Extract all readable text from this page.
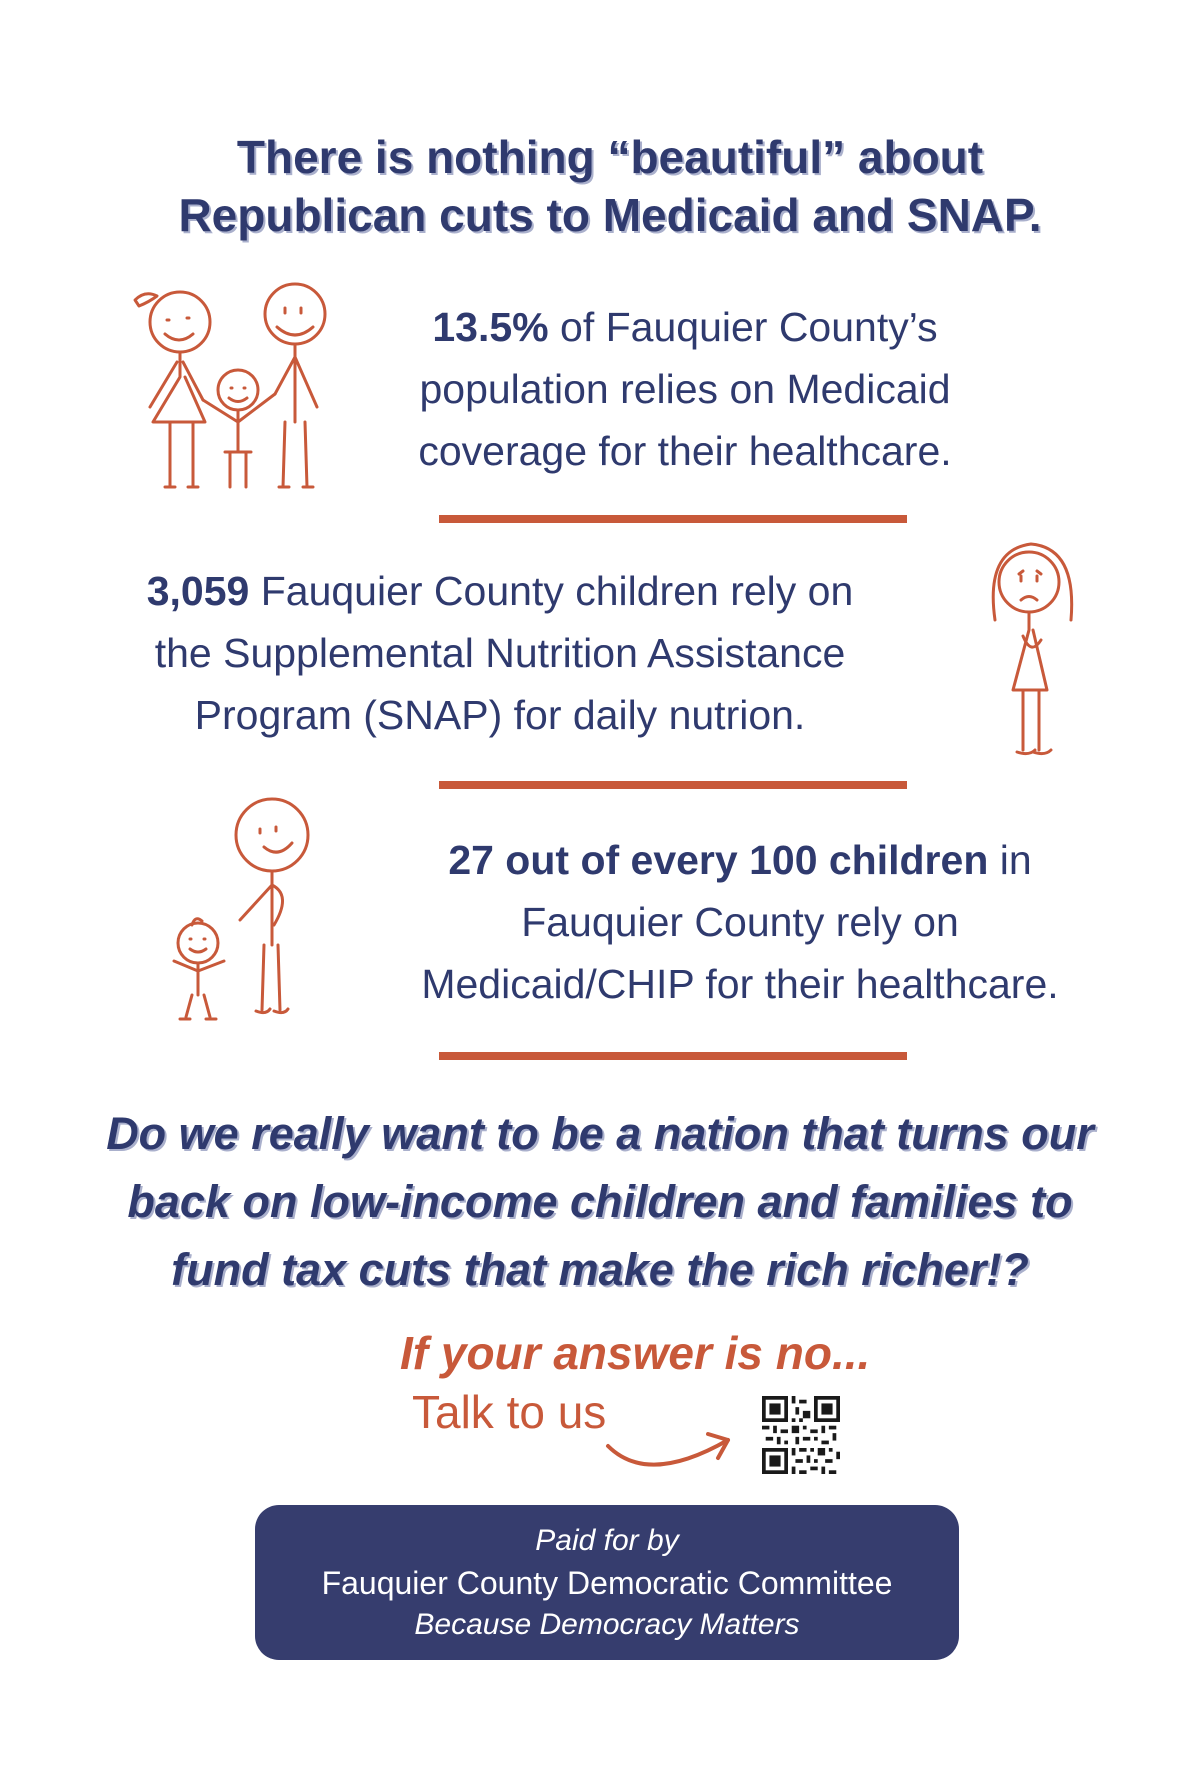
There is nothing “beautiful” about
Republican cuts to Medicaid and SNAP.
13.5% of Fauquier County’s
population relies on Medicaid
coverage for their healthcare.
3,059 Fauquier County children rely on
the Supplemental Nutrition Assistance
Program (SNAP) for daily nutrion.
27 out of every 100 children in
Fauquier County rely on
Medicaid/CHIP for their healthcare.
Do we really want to be a nation that turns our
back on low-income children and families to
fund tax cuts that make the rich richer!?
If your answer is no...
Talk to us
Paid for by
Fauquier County Democratic Committee
Because Democracy Matters
